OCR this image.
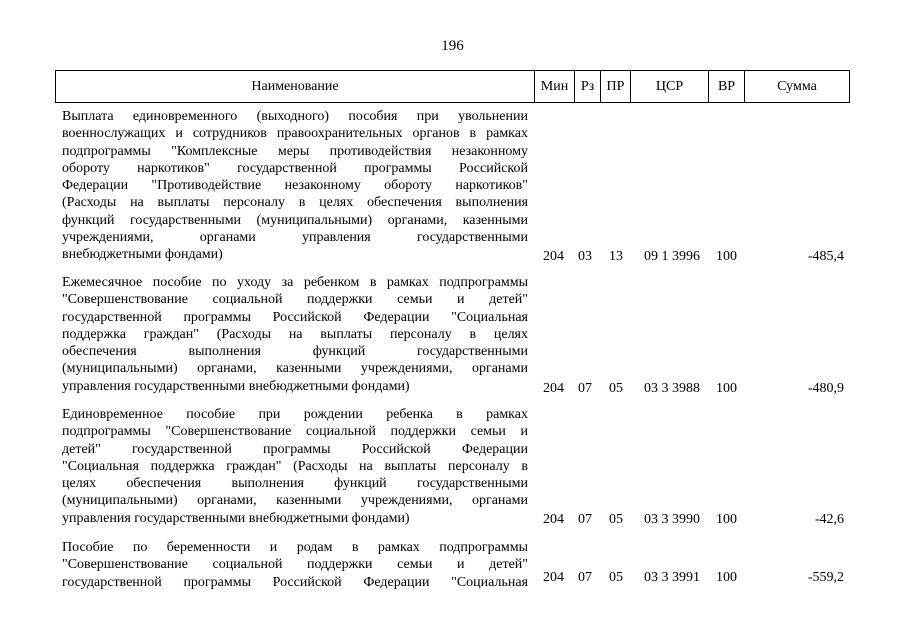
196
Наименование	Мин Рз ПР	ЦСР	ВР	Сумма
Выплата единовременного (выходного) пособия при увольнении
военнослужащих и сотрудников правоохранительных органов в рамках
подпрограммы "Комплексные меры противодействия незаконному
обороту наркотиков" государственной программы Российской
Федерации "Противодействие незаконному обороту наркотиков"
(Расходы на выплаты персоналу в целях обеспечения выполнения
функций государственными (муниципальными) органами, казенными
учреждениями, органами управления государственными
внебюджетными фондами)	204 03 13 09 1 3996 100	-485,4
Ежемесячное пособие по уходу за ребенком в рамках подпрограммы
"Совершенствование социальной поддержки семьи и детей"
государственной программы Российской Федерации "Социальная
поддержка граждан" (Расходы на выплаты персоналу в целях
обеспечения выполнения функций государственными
(муниципальными) органами, казенными учреждениями, органами
управления государственными внебюджетными фондами)	204 07 05 03 3 3988 100	-480,9
Единовременное пособие при рождении ребенка в рамках
подпрограммы "Совершенствование социальной поддержки семьи и
детей" государственной программы Российской Федерации
"Социальная поддержка граждан" (Расходы на выплаты персоналу в
целях обеспечения выполнения функций государственными
(муниципальными) органами, казенными учреждениями, органами
управления государственными внебюджетными фондами)	204 07 05 03 3 3990 100	-42,6
Пособие по беременности и родам в рамках подпрограммы
"Совершенствование социальной поддержки семьи и детей"
государственной программы Российской Федерации "Социальная 204 07 05 03 3 3991 100	-559,2
